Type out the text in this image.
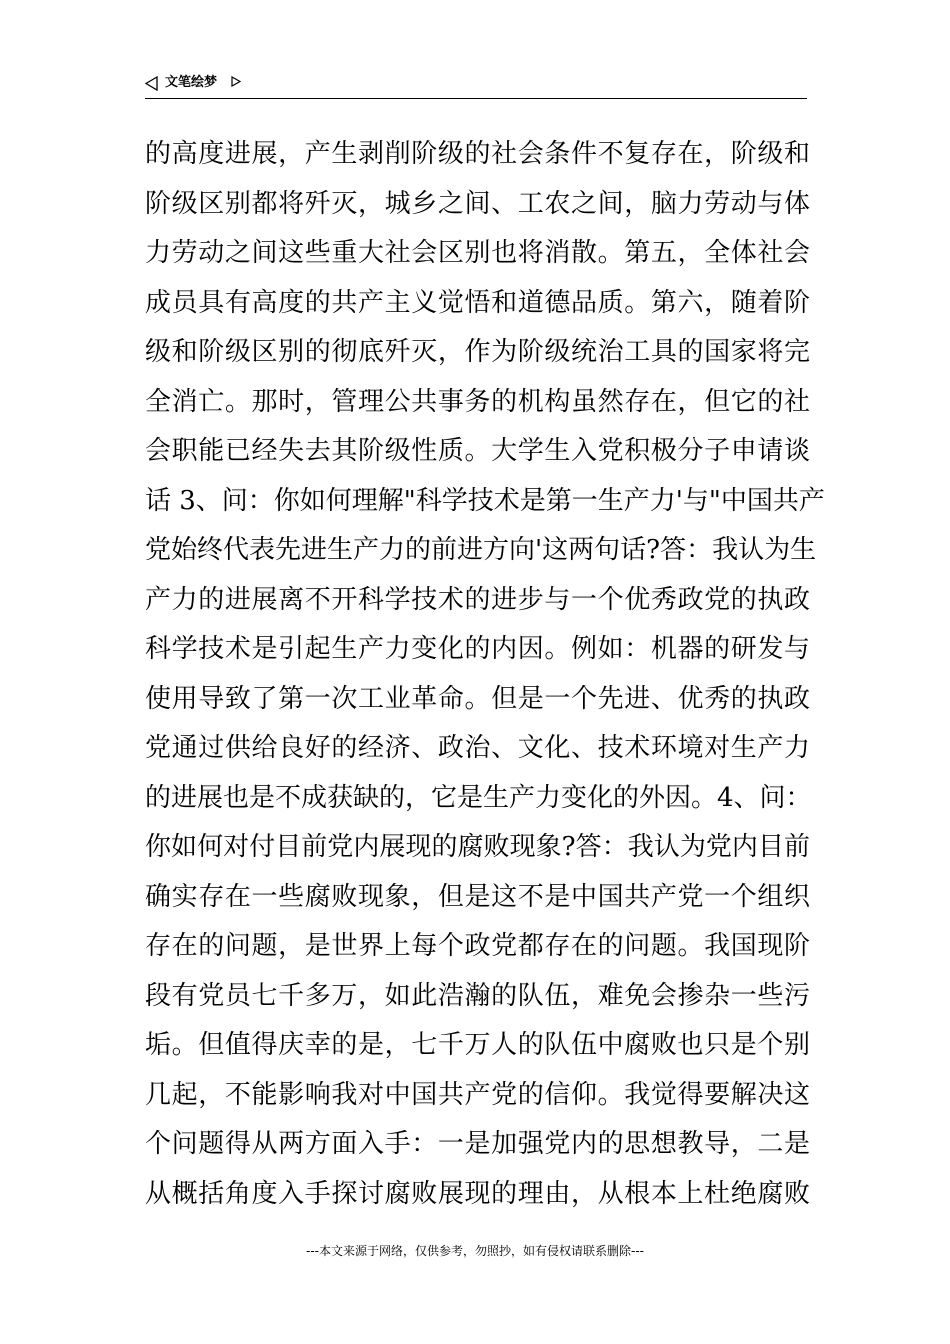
文笔绘梦
的高度进展，产生剥削阶级的社会条件不复存在，阶级和
阶级区别都将歼灭，城乡之间、工农之间，脑力劳动与体
力劳动之间这些重大社会区别也将消散。第五，全体社会
成员具有高度的共产主义觉悟和道德品质。第六，随着阶
级和阶级区别的彻底歼灭，作为阶级统治工具的国家将完
全消亡。那时，管理公共事务的机构虽然存在，但它的社
会职能已经失去其阶级性质。大学生入党积极分子申请谈
话 3、问：你如何理解"科学技术是第一生产力'与"中国共产
党始终代表先进生产力的前进方向'这两句话?答：我认为生
产力的进展离不开科学技术的进步与一个优秀政党的执政
科学技术是引起生产力变化的内因。例如：机器的研发与
使用导致了第一次工业革命。但是一个先进、优秀的执政
党通过供给良好的经济、政治、文化、技术环境对生产力
的进展也是不成获缺的，它是生产力变化的外因。4、问：
你如何对付目前党内展现的腐败现象?答：我认为党内目前
确实存在一些腐败现象，但是这不是中国共产党一个组织
存在的问题，是世界上每个政党都存在的问题。我国现阶
段有党员七千多万，如此浩瀚的队伍，难免会掺杂一些污
垢。但值得庆幸的是，七千万人的队伍中腐败也只是个别
几起，不能影响我对中国共产党的信仰。我觉得要解决这
个问题得从两方面入手：一是加强党内的思想教导，二是
从概括角度入手探讨腐败展现的理由，从根本上杜绝腐败
---本文来源于网络，仅供参考，勿照抄，如有侵权请联系删除---
